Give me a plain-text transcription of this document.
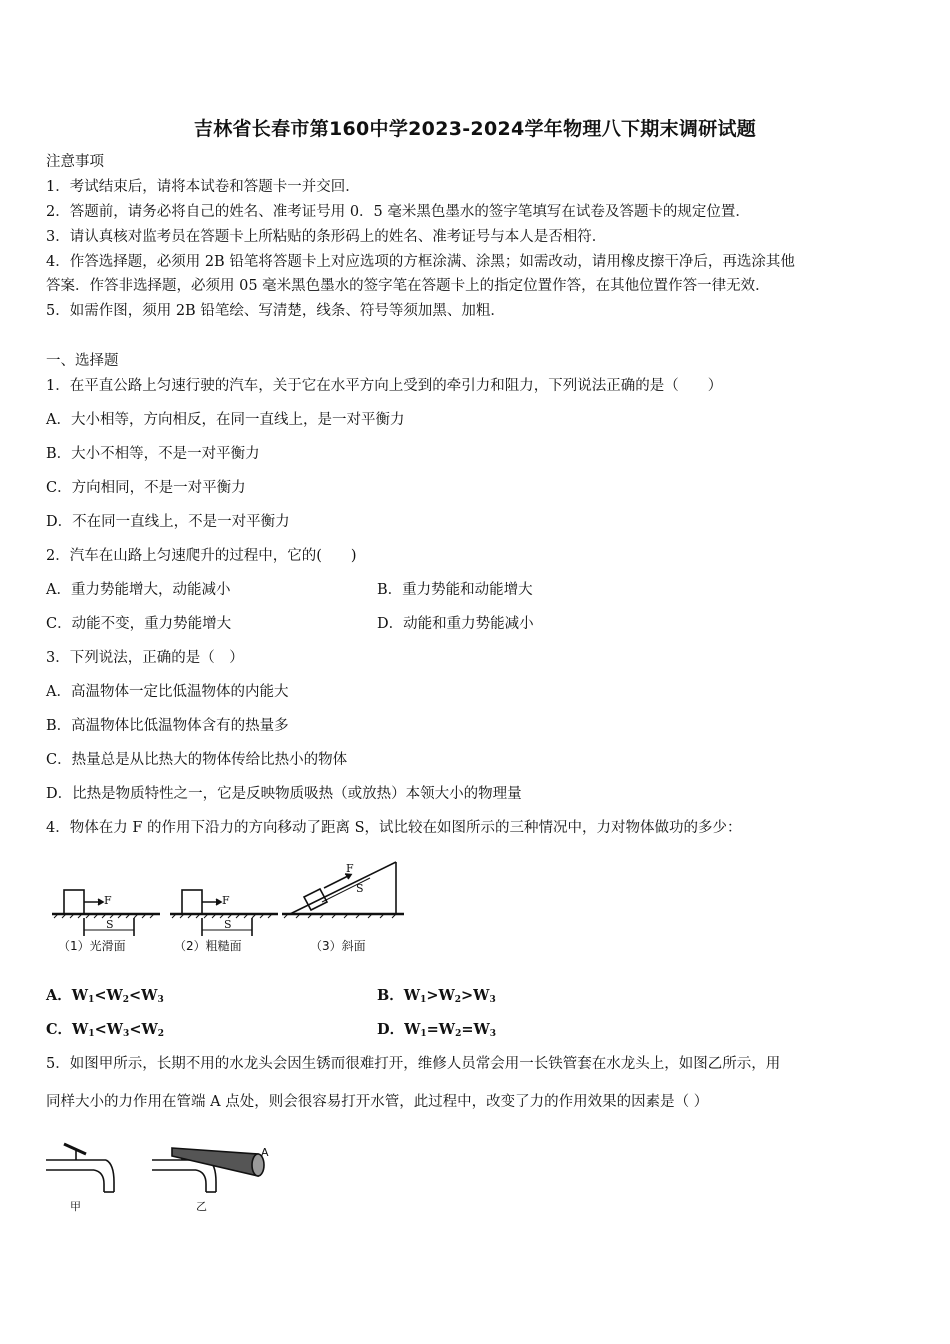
吉林省长春市第160中学2023-2024学年物理八下期末调研试题
注意事项
1．考试结束后，请将本试卷和答题卡一并交回．
2．答题前，请务必将自己的姓名、准考证号用 0．5 毫米黑色墨水的签字笔填写在试卷及答题卡的规定位置．
3．请认真核对监考员在答题卡上所粘贴的条形码上的姓名、准考证号与本人是否相符．
4．作答选择题，必须用 2B 铅笔将答题卡上对应选项的方框涂满、涂黑；如需改动，请用橡皮擦干净后，再选涂其他
答案．作答非选择题，必须用 05 毫米黑色墨水的签字笔在答题卡上的指定位置作答，在其他位置作答一律无效．
5．如需作图，须用 2B 铅笔绘、写清楚，线条、符号等须加黑、加粗．
一、选择题
1．在平直公路上匀速行驶的汽车，关于它在水平方向上受到的牵引力和阻力，下列说法正确的是（　　）
A．大小相等，方向相反，在同一直线上，是一对平衡力
B．大小不相等，不是一对平衡力
C．方向相同，不是一对平衡力
D．不在同一直线上，不是一对平衡力
2．汽车在山路上匀速爬升的过程中，它的(　　)
A．重力势能增大，动能减小	B．重力势能和动能增大
C．动能不变，重力势能增大	D．动能和重力势能减小
3．下列说法，正确的是（　）
A．高温物体一定比低温物体的内能大
B．高温物体比低温物体含有的热量多
C．热量总是从比热大的物体传给比热小的物体
D．比热是物质特性之一，它是反映物质吸热（或放热）本领大小的物理量
4．物体在力 F 的作用下沿力的方向移动了距离 S，试比较在如图所示的三种情况中，力对物体做功的多少：
F
S
F
S
F
S
（1）光滑面	（2）粗糙面	（3）斜面
A．$W_1<W_2<W_3$	B．$W_1>W_2>W_3$
C．$W_1<W_3<W_2$	D．$W_1=W_2=W_3$
5．如图甲所示，长期不用的水龙头会因生锈而很难打开，维修人员常会用一长铁管套在水龙头上，如图乙所示，用
同样大小的力作用在管端 A 点处，则会很容易打开水管，此过程中，改变了力的作用效果的因素是（ ）
A
甲	乙
